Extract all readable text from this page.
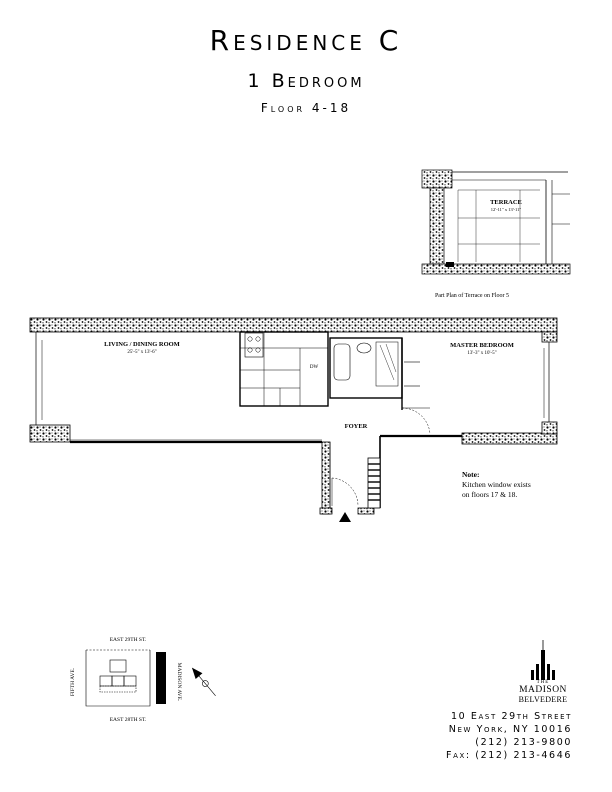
Residence C
1 Bedroom
Floor 4-18
TERRACE
12'-11" x 13'-11"
Part Plan of Terrace on Floor 5
LIVING / DINING ROOM
25'-5" x 13'-6"
MASTER BEDROOM
13'-3" x 10'-5"
FOYER
DW
EAST 29TH ST.
EAST 28TH ST.
FIFTH AVE.	MADISON AVE.	THE
MADISON
BELVEDERE
Note:
Kitchen window exists
on floors 17 & 18.
10 East 29th Street
New York, NY 10016
(212) 213-9800
Fax: (212) 213-4646
